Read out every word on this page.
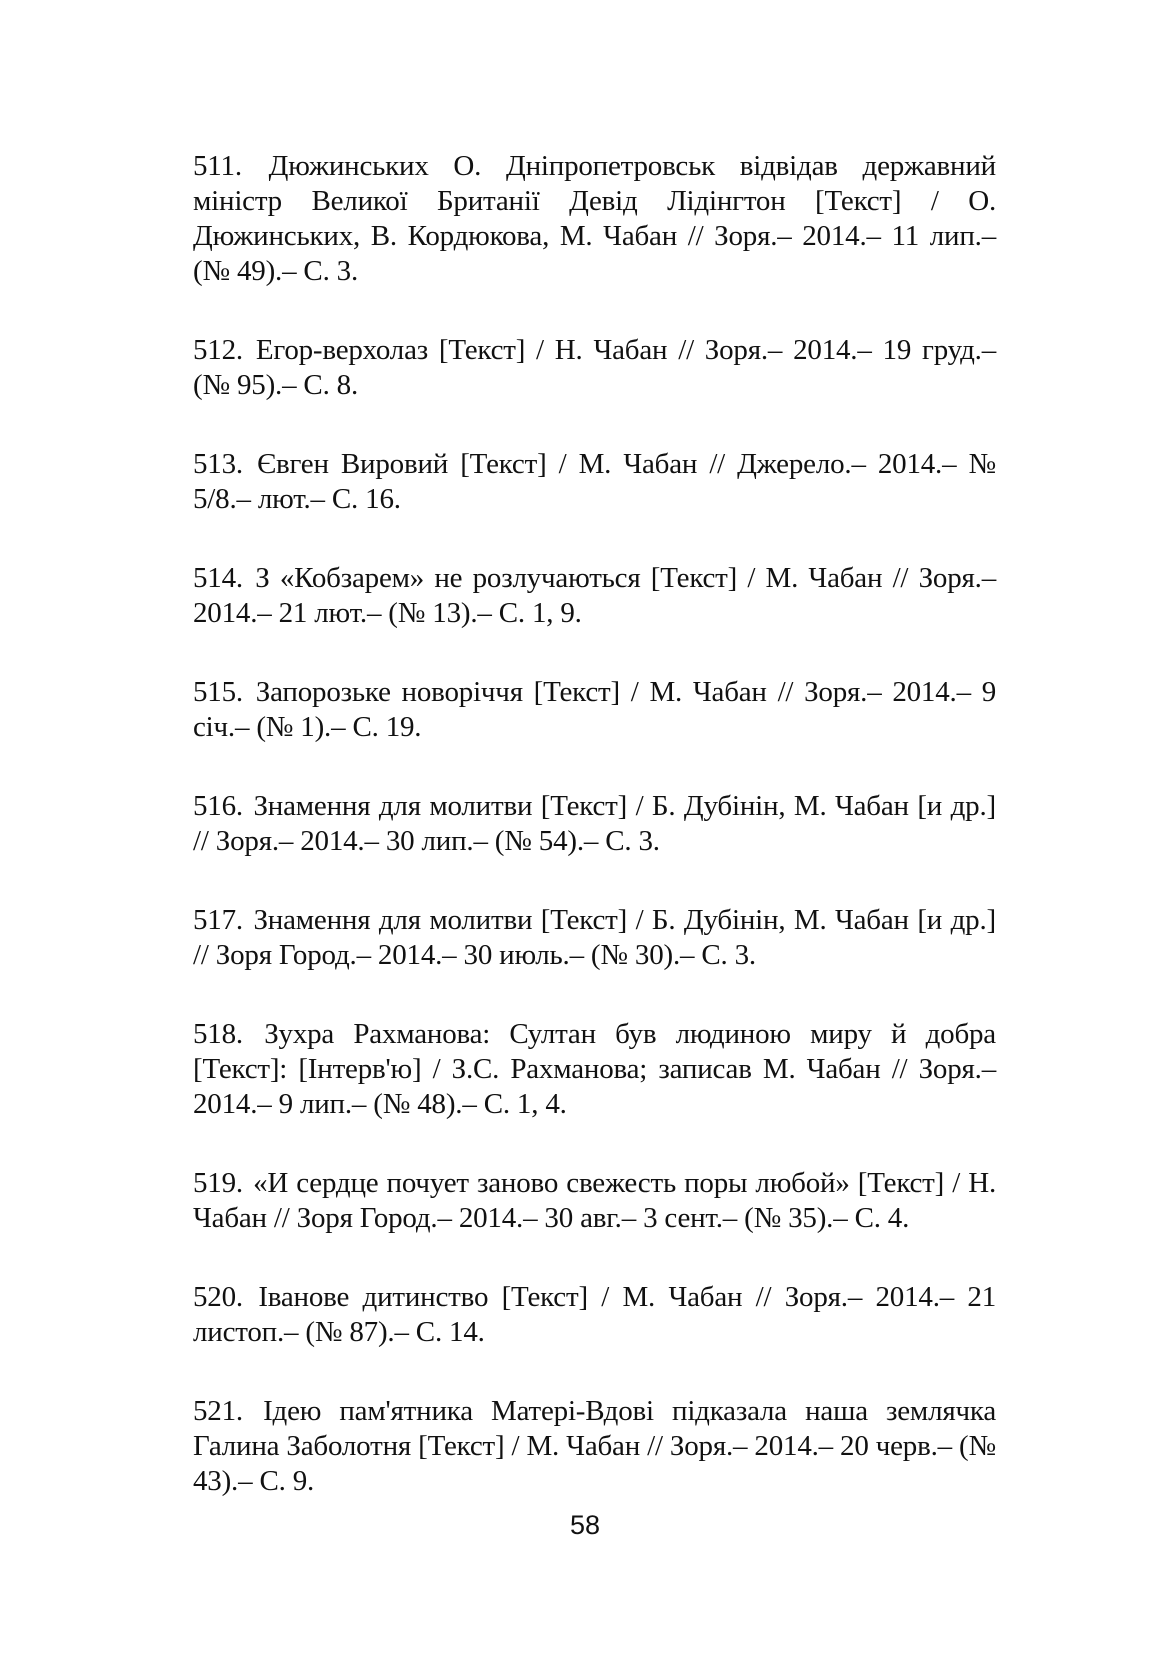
511. Дюжинських О. Дніпропетровськ відвідав державний міністр Великої Британії Девід Лідінгтон [Текст] / О. Дюжинських, В. Кордюкова, М. Чабан // Зоря.– 2014.– 11 лип.– (№ 49).– С. 3.

512. Егор-верхолаз [Текст] / Н. Чабан // Зоря.– 2014.– 19 груд.– (№ 95).– С. 8.

513. Євген Вировий [Текст] / М. Чабан // Джерело.– 2014.– № 5/8.– лют.– С. 16.

514. З «Кобзарем» не розлучаються [Текст] / М. Чабан // Зоря.– 2014.– 21 лют.– (№ 13).– С. 1, 9.

515. Запорозьке новоріччя [Текст] / М. Чабан // Зоря.– 2014.– 9 січ.– (№ 1).– С. 19.

516. Знамення для молитви [Текст] / Б. Дубінін, М. Чабан [и др.] // Зоря.– 2014.– 30 лип.– (№ 54).– С. 3.

517. Знамення для молитви [Текст] / Б. Дубінін, М. Чабан [и др.] // Зоря Город.– 2014.– 30 июль.– (№ 30).– С. 3.

518. Зухра Рахманова: Султан був людиною миру й добра [Текст]: [Інтерв'ю] / З.С. Рахманова; записав М. Чабан // Зоря.– 2014.– 9 лип.– (№ 48).– С. 1, 4.

519. «И сердце почует заново свежесть поры любой» [Текст] / Н. Чабан // Зоря Город.– 2014.– 30 авг.– 3 сент.– (№ 35).– С. 4.

520. Іванове дитинство [Текст] / М. Чабан // Зоря.– 2014.– 21 листоп.– (№ 87).– С. 14.

521. Ідею пам'ятника Матері-Вдові підказала наша землячка Галина Заболотня [Текст] / М. Чабан // Зоря.– 2014.– 20 черв.– (№ 43).– С. 9.

58
